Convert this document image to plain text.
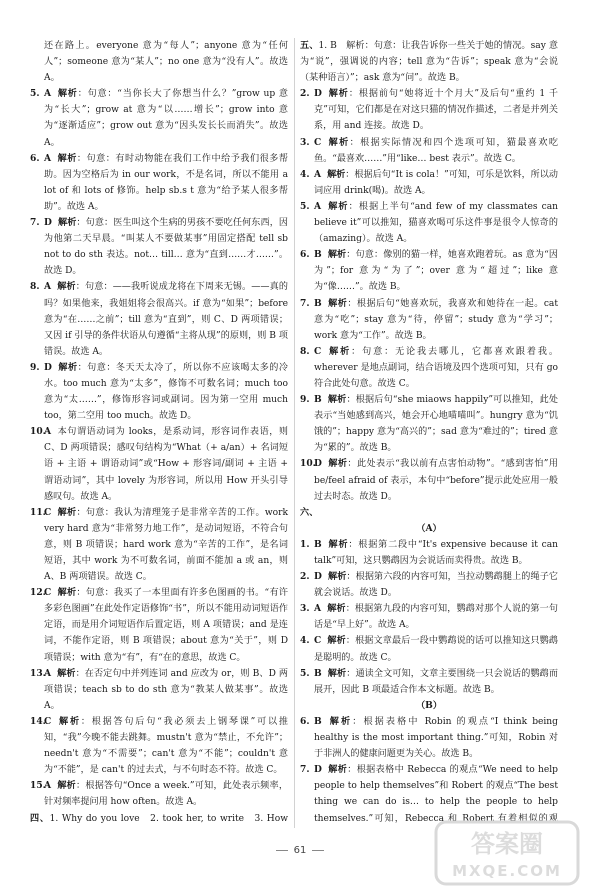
还在路上。everyone 意为“每人”；anyone 意为“任何人”；someone 意为“某人”；no one 意为“没有人”。故选 A。
5. A 解析：句意：“当你长大了你想当什么？”grow up 意为“长大”；grow at 意为“以……增长”；grow into 意为“逐渐适应”；grow out 意为“因头发长长而消失”。故选 A。
6. A 解析：句意：有时动物能在我们工作中给予我们很多帮助。因为空格后为 in our work，不是名词，所以不能用 a lot of 和 lots of 修饰。help sb.s t 意为“给予某人很多帮助”。故选 A。
7. D 解析：句意：医生叫这个生病的男孩不要吃任何东西，因为他第二天早晨。“叫某人不要做某事”用固定搭配 tell sb not to do sth 表达。not… till… 意为“直到……才……”。故选 D。
8. A 解析：句意：——我听说成龙将在下周来无锡。——真的吗？如果他来，我姐姐将会很高兴。if 意为“如果”；before 意为“在……之前”；till 意为“直到”，则 C、D 两项错误；又因 if 引导的条件状语从句遵循“主将从现”的原则，则 B 项错误。故选 A。
9. D 解析：句意：冬天天太冷了，所以你不应该喝太多的冷水。too much 意为“太多”，修饰不可数名词；much too 意为“太……”，修饰形容词或副词。因为第一空用 much too，第二空用 too much。故选 D。
10.
A 本句谓语动词为 looks，是系动词，形容词作表语，则 C、D 两项错误；感叹句结构为“What（+ a/an）+ 名词短语 + 主语 + 谓语动词”或“How + 形容词/副词 + 主语 + 谓语动词”，其中 lovely 为形容词，所以用 How 开头引导感叹句。故选 A。
11.
C 解析：句意：我认为清理笼子是非常辛苦的工作。work very hard 意为“非常努力地工作”，是动词短语，不符合句意，则 B 项错误；hard work 意为“辛苦的工作”，是名词短语，其中 work 为不可数名词，前面不能加 a 或 an，则 A、B 两项错误。故选 C。
12.
C 解析：句意：我买了一本里面有许多色图画的书。“有许多彩色图画”在此处作定语修饰“书”，所以不能用动词短语作定语，而是用介词短语作后置定语，则 A 项错误；and 是连词，不能作定语，则 B 项错误；about 意为“关于”，则 D 项错误；with 意为“有”，有“在的意思，故选 C。
13.
A 解析：在否定句中并列连词 and 应改为 or，则 B、D 两项错误；teach sb to do sth 意为“教某人做某事”。故选 A。
14.
C 解析：根据答句后句“我必须去上钢琴课”可以推知，“我”今晚不能去跳舞。mustn't 意为“禁止，不允许”；needn't 意为“不需要”；can't 意为“不能”；couldn't 意为“不能”，是 can't 的过去式，与不句时态不符。故选 C。
15.
A 解析：根据答句“Once a week.”可知，此处表示频率，针对频率提问用 how often。故选 A。
四、1. Why do you love　2. took her, to write　3. How 　 　
五、1. B　解析：句意：让我告诉你一些关于她的情况。say 意为“说”，强调说的内容；tell 意为“告诉”；speak 意为“会说（某种语言）”；ask 意为“问”。故选 B。
2. D 解析：根据前句“她将近十个月大”及后句“重约 1 千克”可知，它们都是在对这只猫的情况作描述，二者是并列关系，用 and 连接。故选 D。
3. C 解析：根据实际情况和四个选项可知，猫最喜欢吃鱼。“最喜欢……”用“like… best 表示”。故选 C。
4. A 解析：根据后句“It is cola！”可知，可乐是饮料，所以动词应用 drink(喝)。故选 A。
5. A 解析：根据上半句“and few of my classmates can believe it”可以推知，猫喜欢喝可乐这件事是很令人惊奇的（amazing）。故选 A。
6. B 解析：句意：像别的猫一样，她喜欢跑着玩。as 意为“因为”；for 意为“为了”；over 意为“超过”；like 意为“像……”。故选 B。
7. B 解析：根据后句“她喜欢玩，我喜欢和她待在一起。cat 意为“吃”；stay 意为“待，停留”；study 意为“学习”；work 意为“工作”。故选 B。
8. C 解析：句意：无论我去哪儿，它都喜欢跟着我。wherever 是地点副词，结合语境及四个选项可知，只有 go 符合此处句意。故选 C。
9. B 解析：根据后句“she miaows happily”可以推知，此处表示“当她感到高兴，她会开心地喵喵叫”。hungry 意为“饥饿的”；happy 意为“高兴的”；sad 意为“难过的”；tired 意为“累的”。故选 B。
10.
D 解析：此处表示“我以前有点害怕动物”。“感到害怕”用 be/feel afraid of 表示，本句中“before”提示此处应用一般过去时态。故选 D。
六、
（A）
1. B 解析：根据第二段中“It's expensive because it can talk”可知，这只鹦鹉因为会说话而卖得贵。故选 B。
2. D 解析：根据第六段的内容可知，当拉动鹦鹉腿上的绳子它就会说话。故选 D。
3. A 解析：根据第九段的内容可知，鹦鹉对那个人说的第一句话是“早上好”。故选 A。
4. C 解析：根据文章最后一段中鹦鹉说的话可以推知这只鹦鹉是聪明的。故选 C。
5. B 解析：通读全文可知，文章主要围绕一只会说话的鹦鹉而展开，因此 B 项最适合作本文标题。故选 B。
（B）
6. B 解析：根据表格中 Robin 的观点“I think being healthy is the most important thing.”可知，Robin 对于非洲人的健康问题更为关心。故选 B。
7. D 解析：根据表格中 Rebecca 的观点“We need to help people to help themselves”和 Robert 的观点“The best thing we can do is… to help the people to help themselves.”可知，Rebecca 和 Robert 有着相似的观
61	答案圈
MXQE.COM
